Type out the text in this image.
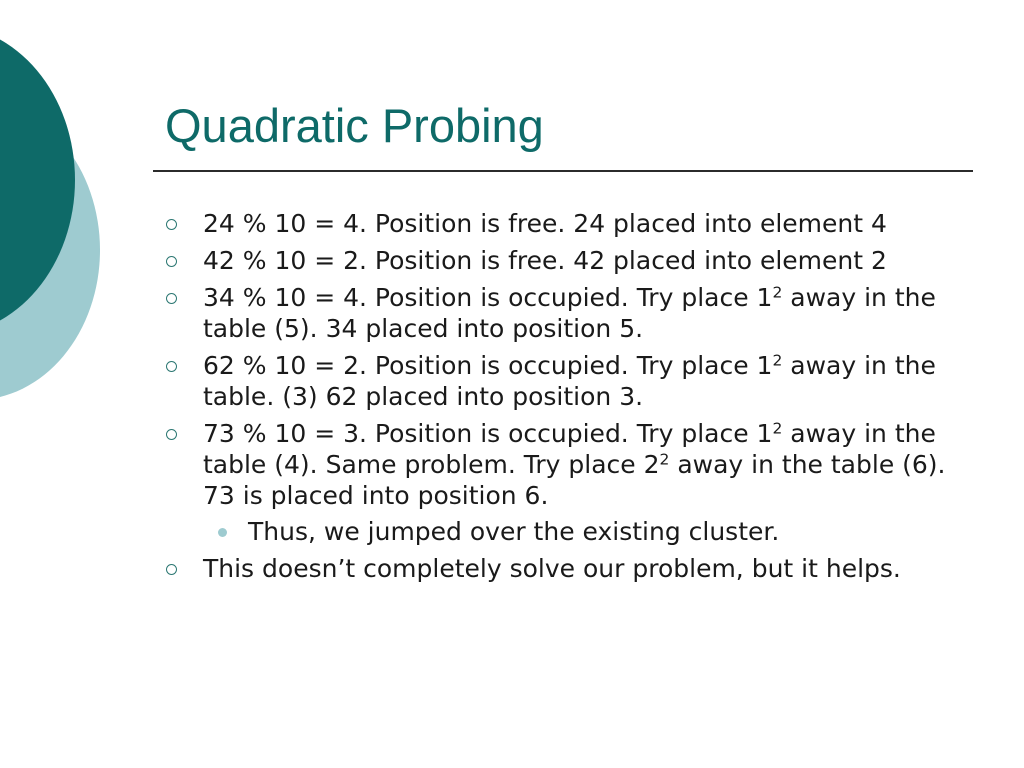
Quadratic Probing
24 % 10 = 4. Position is free. 24 placed into element 4
42 % 10 = 2. Position is free. 42 placed into element 2
34 % 10 = 4. Position is occupied. Try place $1^2$ away in the table (5). 34 placed into position 5.
62 % 10 = 2. Position is occupied. Try place $1^2$ away in the table. (3) 62 placed into position 3.
73 % 10 = 3. Position is occupied. Try place $1^2$ away in the table (4). Same problem. Try place $2^2$ away in the table (6). 73 is placed into position 6.
Thus, we jumped over the existing cluster.
This doesn’t completely solve our problem, but it helps.
